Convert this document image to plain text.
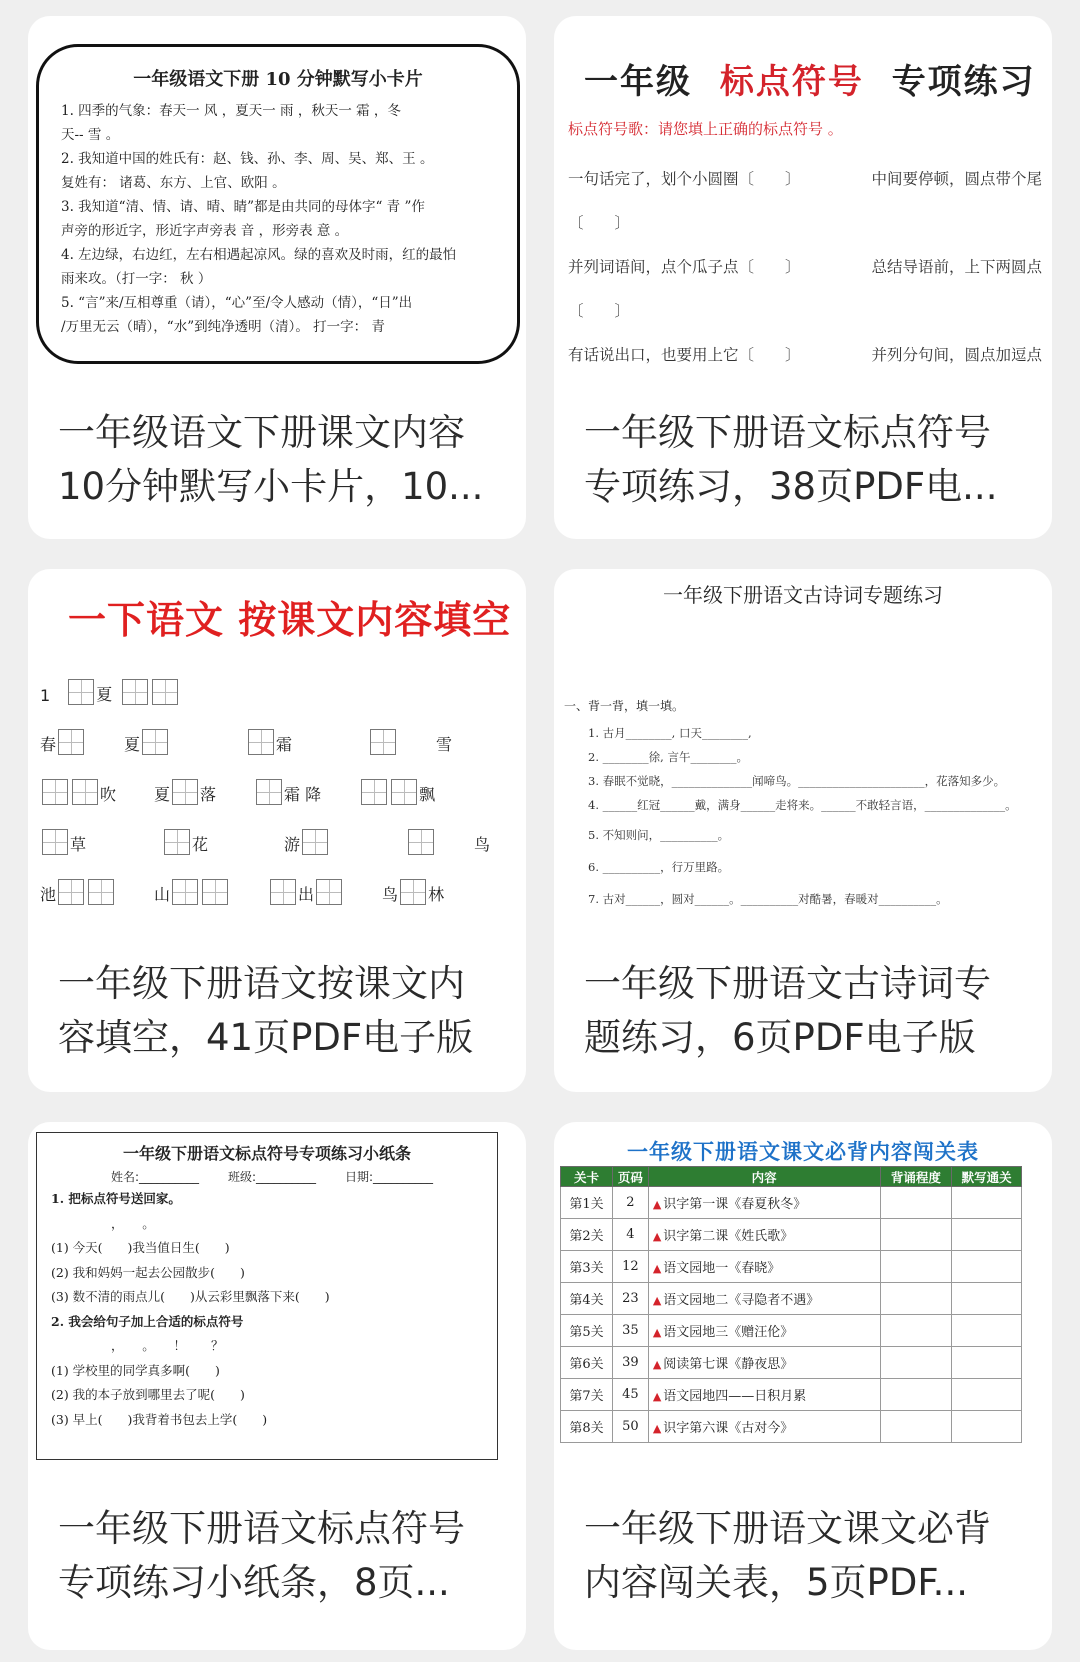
一年级语文下册 10 分钟默写小卡片
1. 四季的气象：春天一 风 ，夏天一 雨 ，秋天一 霜 ，冬
天-- 雪 。
2. 我知道中国的姓氏有：赵、钱、孙、李、周、吴、郑、王 。
复姓有： 诸葛、东方、上官、欧阳 。
3. 我知道“清、情、请、晴、睛”都是由共同的母体字“ 青 ”作
声旁的形近字，形近字声旁表 音 ，形旁表 意 。
4. 左边绿，右边红，左右相遇起凉风。绿的喜欢及时雨，红的最怕
雨来攻。（打一字： 秋 ）
5. “言”来/互相尊重（请），“心”至/令人感动（情），“日”出
/万里无云（晴），“水”到纯净透明（清）。 打一字： 青
一年级语文下册课文内容
10分钟默写小卡片，10...
一年级 标点符号 专项练习
标点符号歌：请您填上正确的标点符号 。
一句话完了，划个小圆圈〔　　〕	中间要停顿，圆点带个尾
〔　　〕
并列词语间，点个瓜子点〔　　〕	总结导语前，上下两圆点
〔　　〕
有话说出口，也要用上它〔　　〕	并列分句间，圆点加逗点
一年级下册语文标点符号
专项练习，38页PDF电...
一下语文 按课文内容填空
1	夏
春	夏	霜	雪
吹 夏 落	霜 降	飘
草	花	游	鸟
池	山	出	鸟 林
一年级下册语文按课文内
容填空，41页PDF电子版
一年级下册语文古诗词专题练习
一、背一背，填一填。
1. 古月________, 口天________,
2. ________徐, 言午________。
3. 春眠不觉晓，______________闻啼鸟。______________________，花落知多少。
4. ______红冠______戴，满身______走将来。______不敢轻言语，______________。
5. 不知则问，__________。
6. __________，行万里路。
7. 古对______，圆对______。__________对酷暑，春暖对__________。
一年级下册语文古诗词专
题练习，6页PDF电子版
一年级下册语文标点符号专项练习小纸条
姓名:__________ 班级:__________ 日期:__________
1. 把标点符号送回家。
，　　。
(1) 今天(　　)我当值日生(　　)
(2) 我和妈妈一起去公园散步(　　)
(3) 数不清的雨点儿(　　)从云彩里飘落下来(　　)
2. 我会给句子加上合适的标点符号
，　　。　　！　　？
(1) 学校里的同学真多啊(　　)
(2) 我的本子放到哪里去了呢(　　)
(3) 早上(　　)我背着书包去上学(　　)
一年级下册语文标点符号
专项练习小纸条，8页...
一年级下册语文课文必背内容闯关表
关卡	页码	内容	背诵程度	默写通关
第1关	2	▲ 识字第一课《春夏秋冬》		
第2关	4	▲ 识字第二课《姓氏歌》		
第3关	12	▲ 语文园地一《春晓》		
第4关	23	▲ 语文园地二《寻隐者不遇》		
第5关	35	▲ 语文园地三《赠汪伦》		
第6关	39	▲ 阅读第七课《静夜思》		
第7关	45	▲ 语文园地四——日积月累		
第8关	50	▲ 识字第六课《古对今》		
一年级下册语文课文必背
内容闯关表，5页PDF...
